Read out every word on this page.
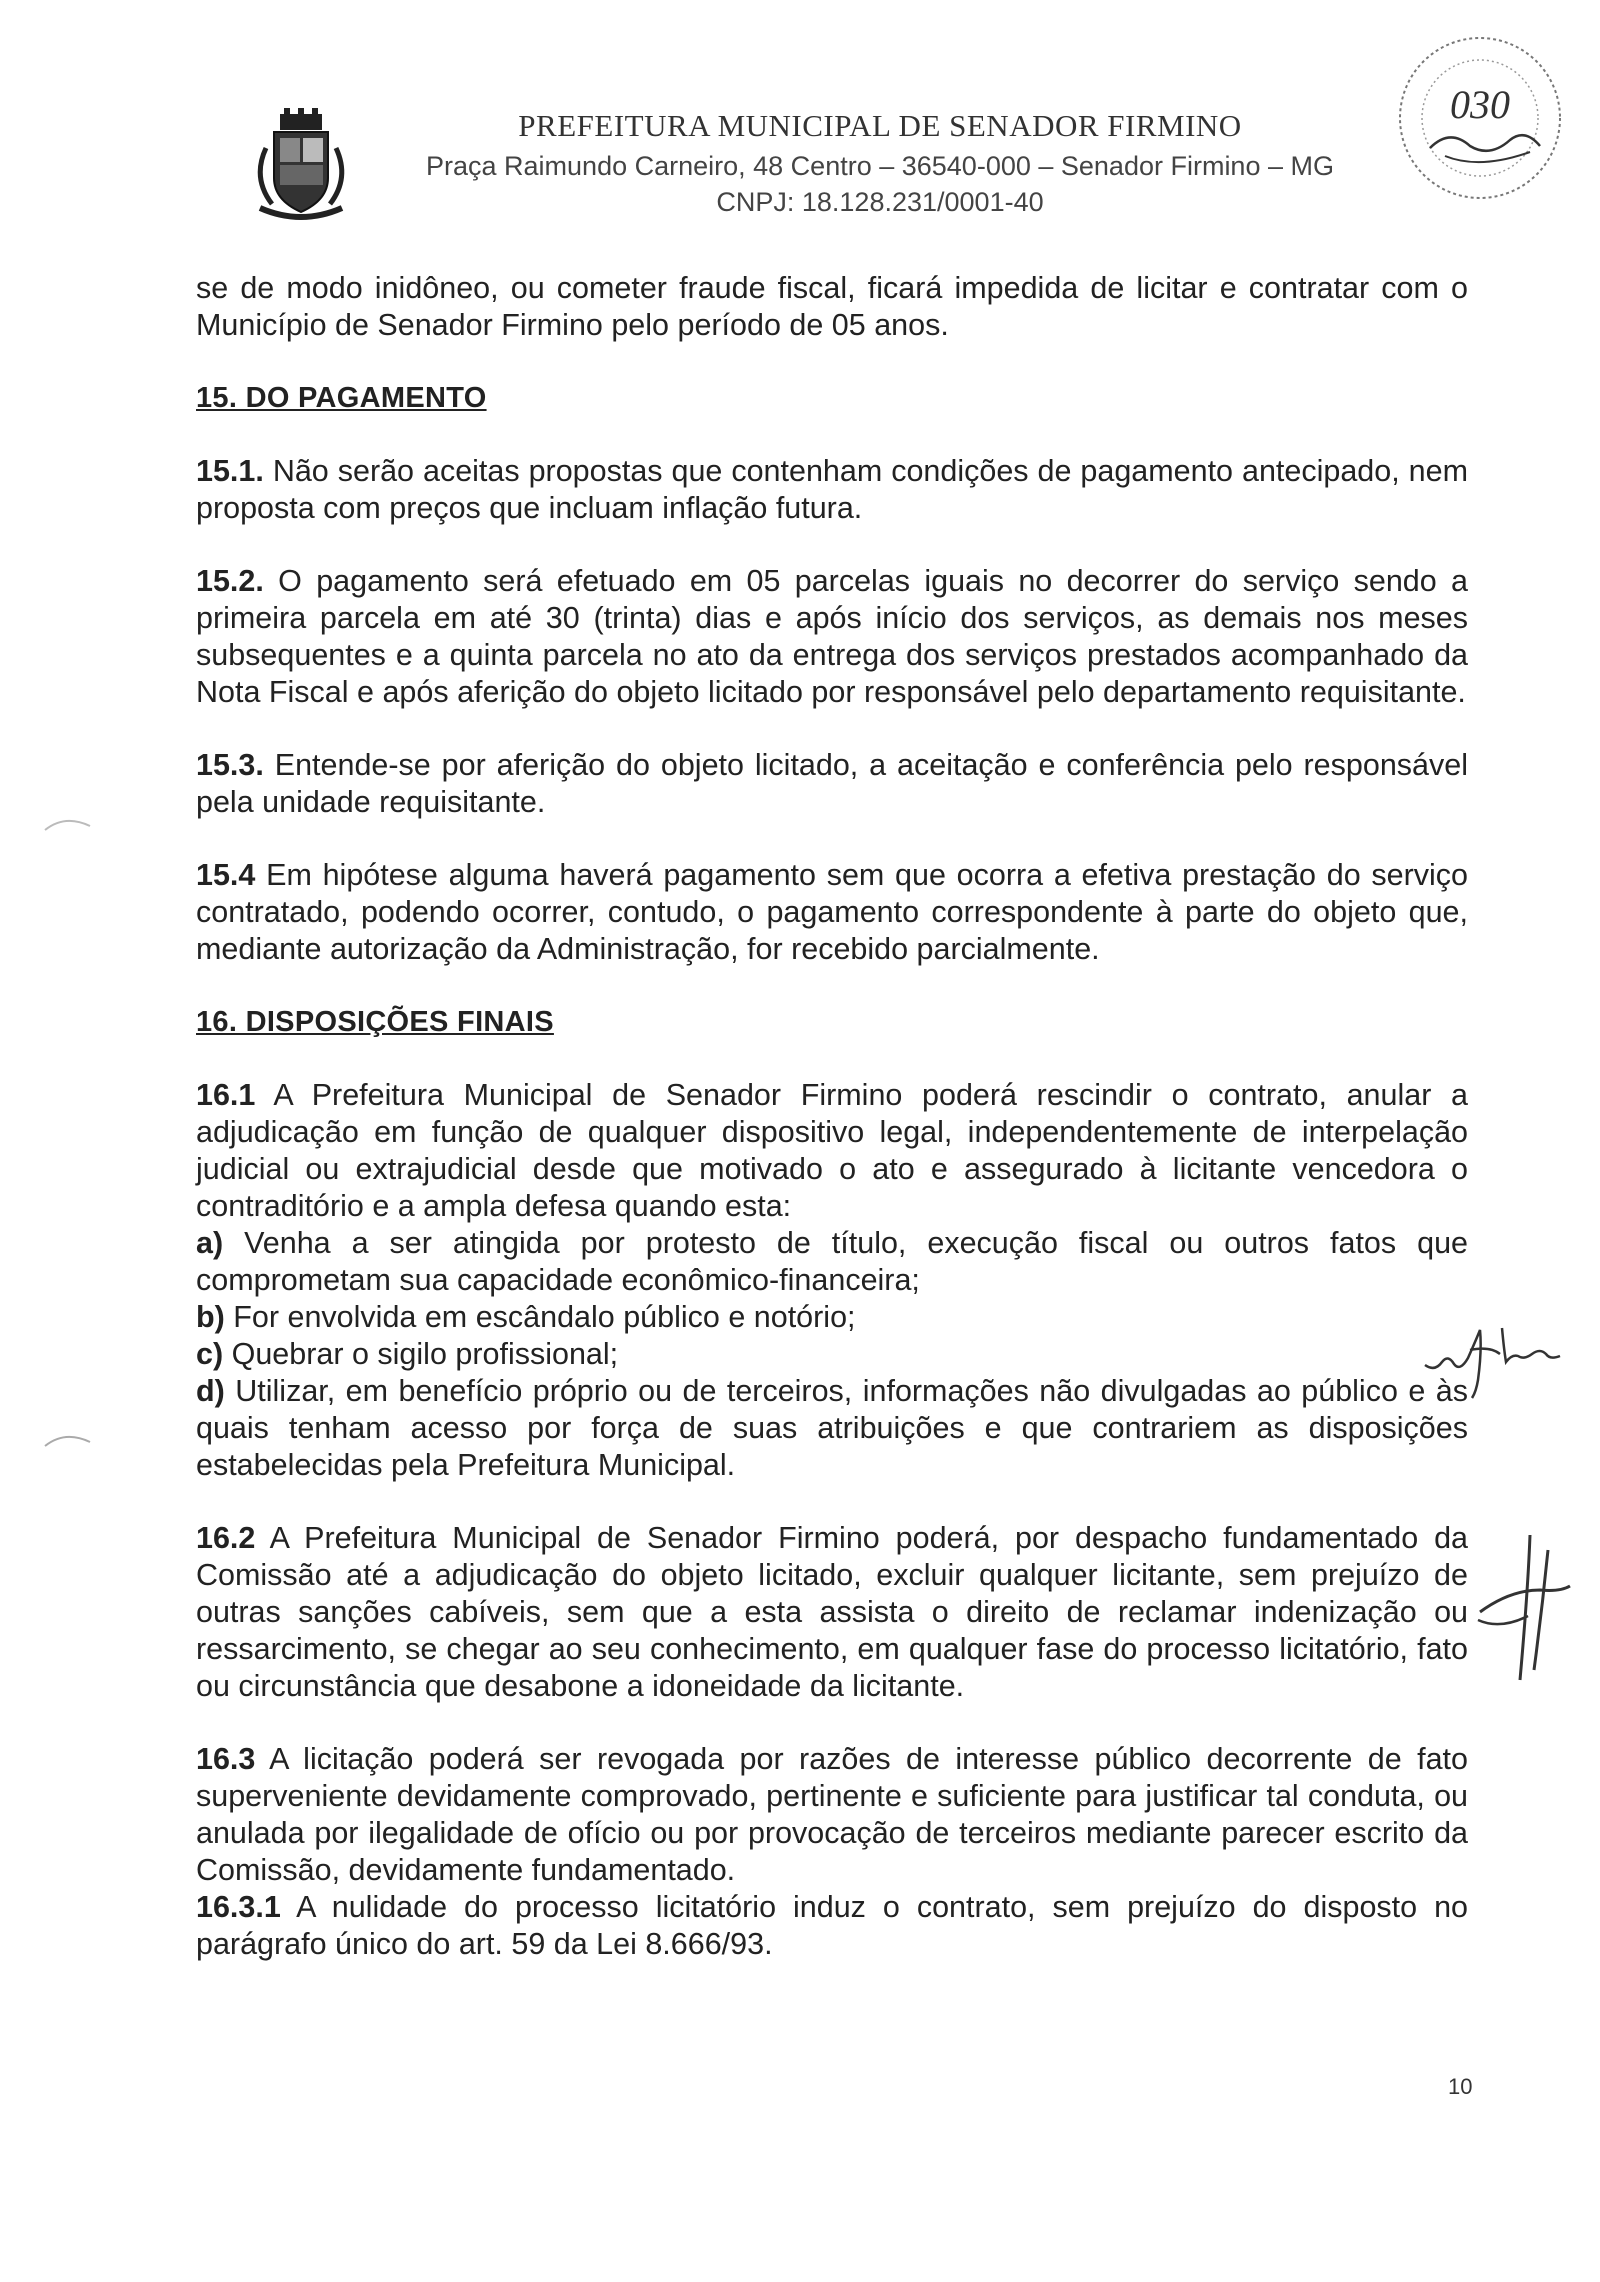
PREFEITURA MUNICIPAL DE SENADOR FIRMINO
Praça Raimundo Carneiro, 48 Centro – 36540-000 – Senador Firmino – MG
CNPJ: 18.128.231/0001-40
030

se de modo inidôneo, ou cometer fraude fiscal, ficará impedida de licitar e contratar com o Município de Senador Firmino pelo período de 05 anos.

15. DO PAGAMENTO

15.1. Não serão aceitas propostas que contenham condições de pagamento antecipado, nem proposta com preços que incluam inflação futura.

15.2. O pagamento será efetuado em 05 parcelas iguais no decorrer do serviço sendo a primeira parcela em até 30 (trinta) dias e após início dos serviços, as demais nos meses subsequentes e a quinta parcela no ato da entrega dos serviços prestados acompanhado da Nota Fiscal e após aferição do objeto licitado por responsável pelo departamento requisitante.

15.3. Entende-se por aferição do objeto licitado, a aceitação e conferência pelo responsável pela unidade requisitante.

15.4 Em hipótese alguma haverá pagamento sem que ocorra a efetiva prestação do serviço contratado, podendo ocorrer, contudo, o pagamento correspondente à parte do objeto que, mediante autorização da Administração, for recebido parcialmente.

16. DISPOSIÇÕES FINAIS

16.1 A Prefeitura Municipal de Senador Firmino poderá rescindir o contrato, anular a adjudicação em função de qualquer dispositivo legal, independentemente de interpelação judicial ou extrajudicial desde que motivado o ato e assegurado à licitante vencedora o contraditório e a ampla defesa quando esta:

a) Venha a ser atingida por protesto de título, execução fiscal ou outros fatos que comprometam sua capacidade econômico-financeira;

b) For envolvida em escândalo público e notório;

c) Quebrar o sigilo profissional;

d) Utilizar, em benefício próprio ou de terceiros, informações não divulgadas ao público e às quais tenham acesso por força de suas atribuições e que contrariem as disposições estabelecidas pela Prefeitura Municipal.

16.2 A Prefeitura Municipal de Senador Firmino poderá, por despacho fundamentado da Comissão até a adjudicação do objeto licitado, excluir qualquer licitante, sem prejuízo de outras sanções cabíveis, sem que a esta assista o direito de reclamar indenização ou ressarcimento, se chegar ao seu conhecimento, em qualquer fase do processo licitatório, fato ou circunstância que desabone a idoneidade da licitante.

16.3 A licitação poderá ser revogada por razões de interesse público decorrente de fato superveniente devidamente comprovado, pertinente e suficiente para justificar tal conduta, ou anulada por ilegalidade de ofício ou por provocação de terceiros mediante parecer escrito da Comissão, devidamente fundamentado.

16.3.1 A nulidade do processo licitatório induz o contrato, sem prejuízo do disposto no parágrafo único do art. 59 da Lei 8.666/93.

10
